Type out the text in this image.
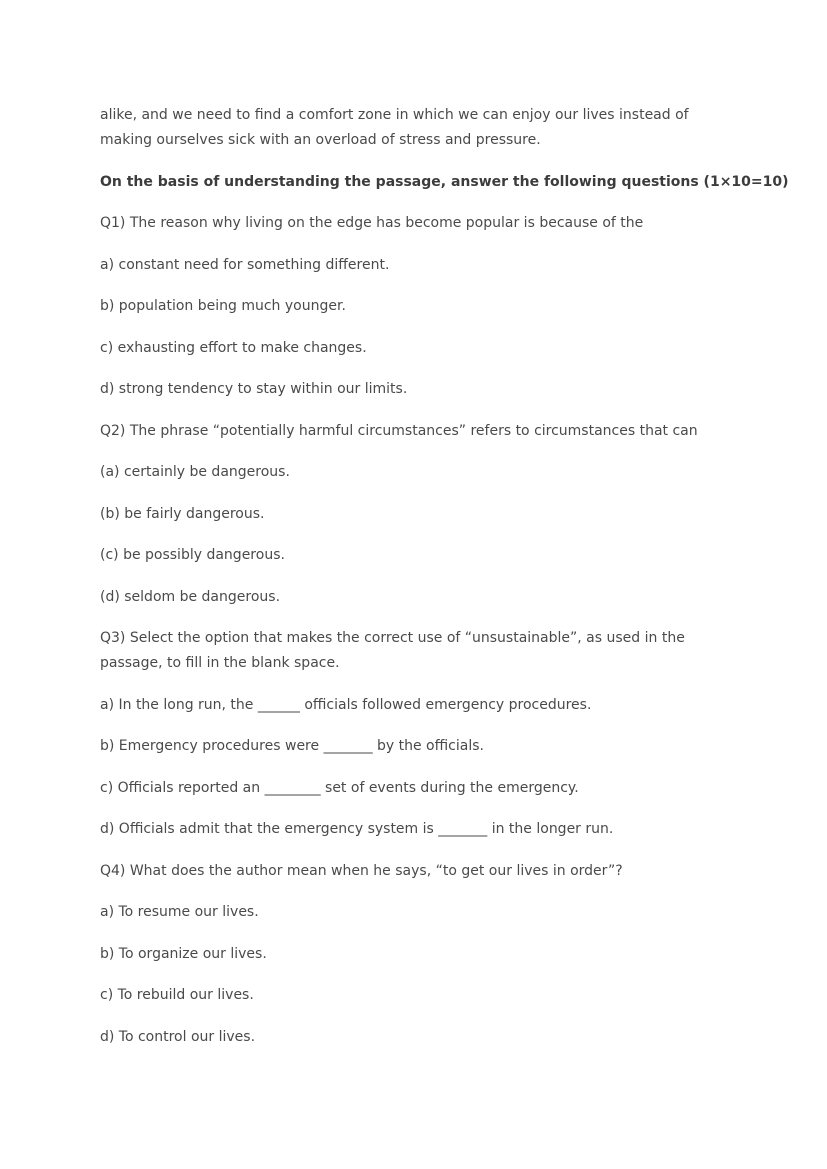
alike, and we need to find a comfort zone in which we can enjoy our lives instead of
making ourselves sick with an overload of stress and pressure.

On the basis of understanding the passage, answer the following questions (1×10=10)

Q1) The reason why living on the edge has become popular is because of the

a) constant need for something different.

b) population being much younger.

c) exhausting effort to make changes.

d) strong tendency to stay within our limits.

Q2) The phrase “potentially harmful circumstances” refers to circumstances that can

(a) certainly be dangerous.

(b) be fairly dangerous.

(c) be possibly dangerous.

(d) seldom be dangerous.

Q3) Select the option that makes the correct use of “unsustainable”, as used in the
passage, to fill in the blank space.

a) In the long run, the ______ officials followed emergency procedures.

b) Emergency procedures were _______ by the officials.

c) Officials reported an ________ set of events during the emergency.

d) Officials admit that the emergency system is _______ in the longer run.

Q4) What does the author mean when he says, “to get our lives in order”?

a) To resume our lives.

b) To organize our lives.

c) To rebuild our lives.

d) To control our lives.
